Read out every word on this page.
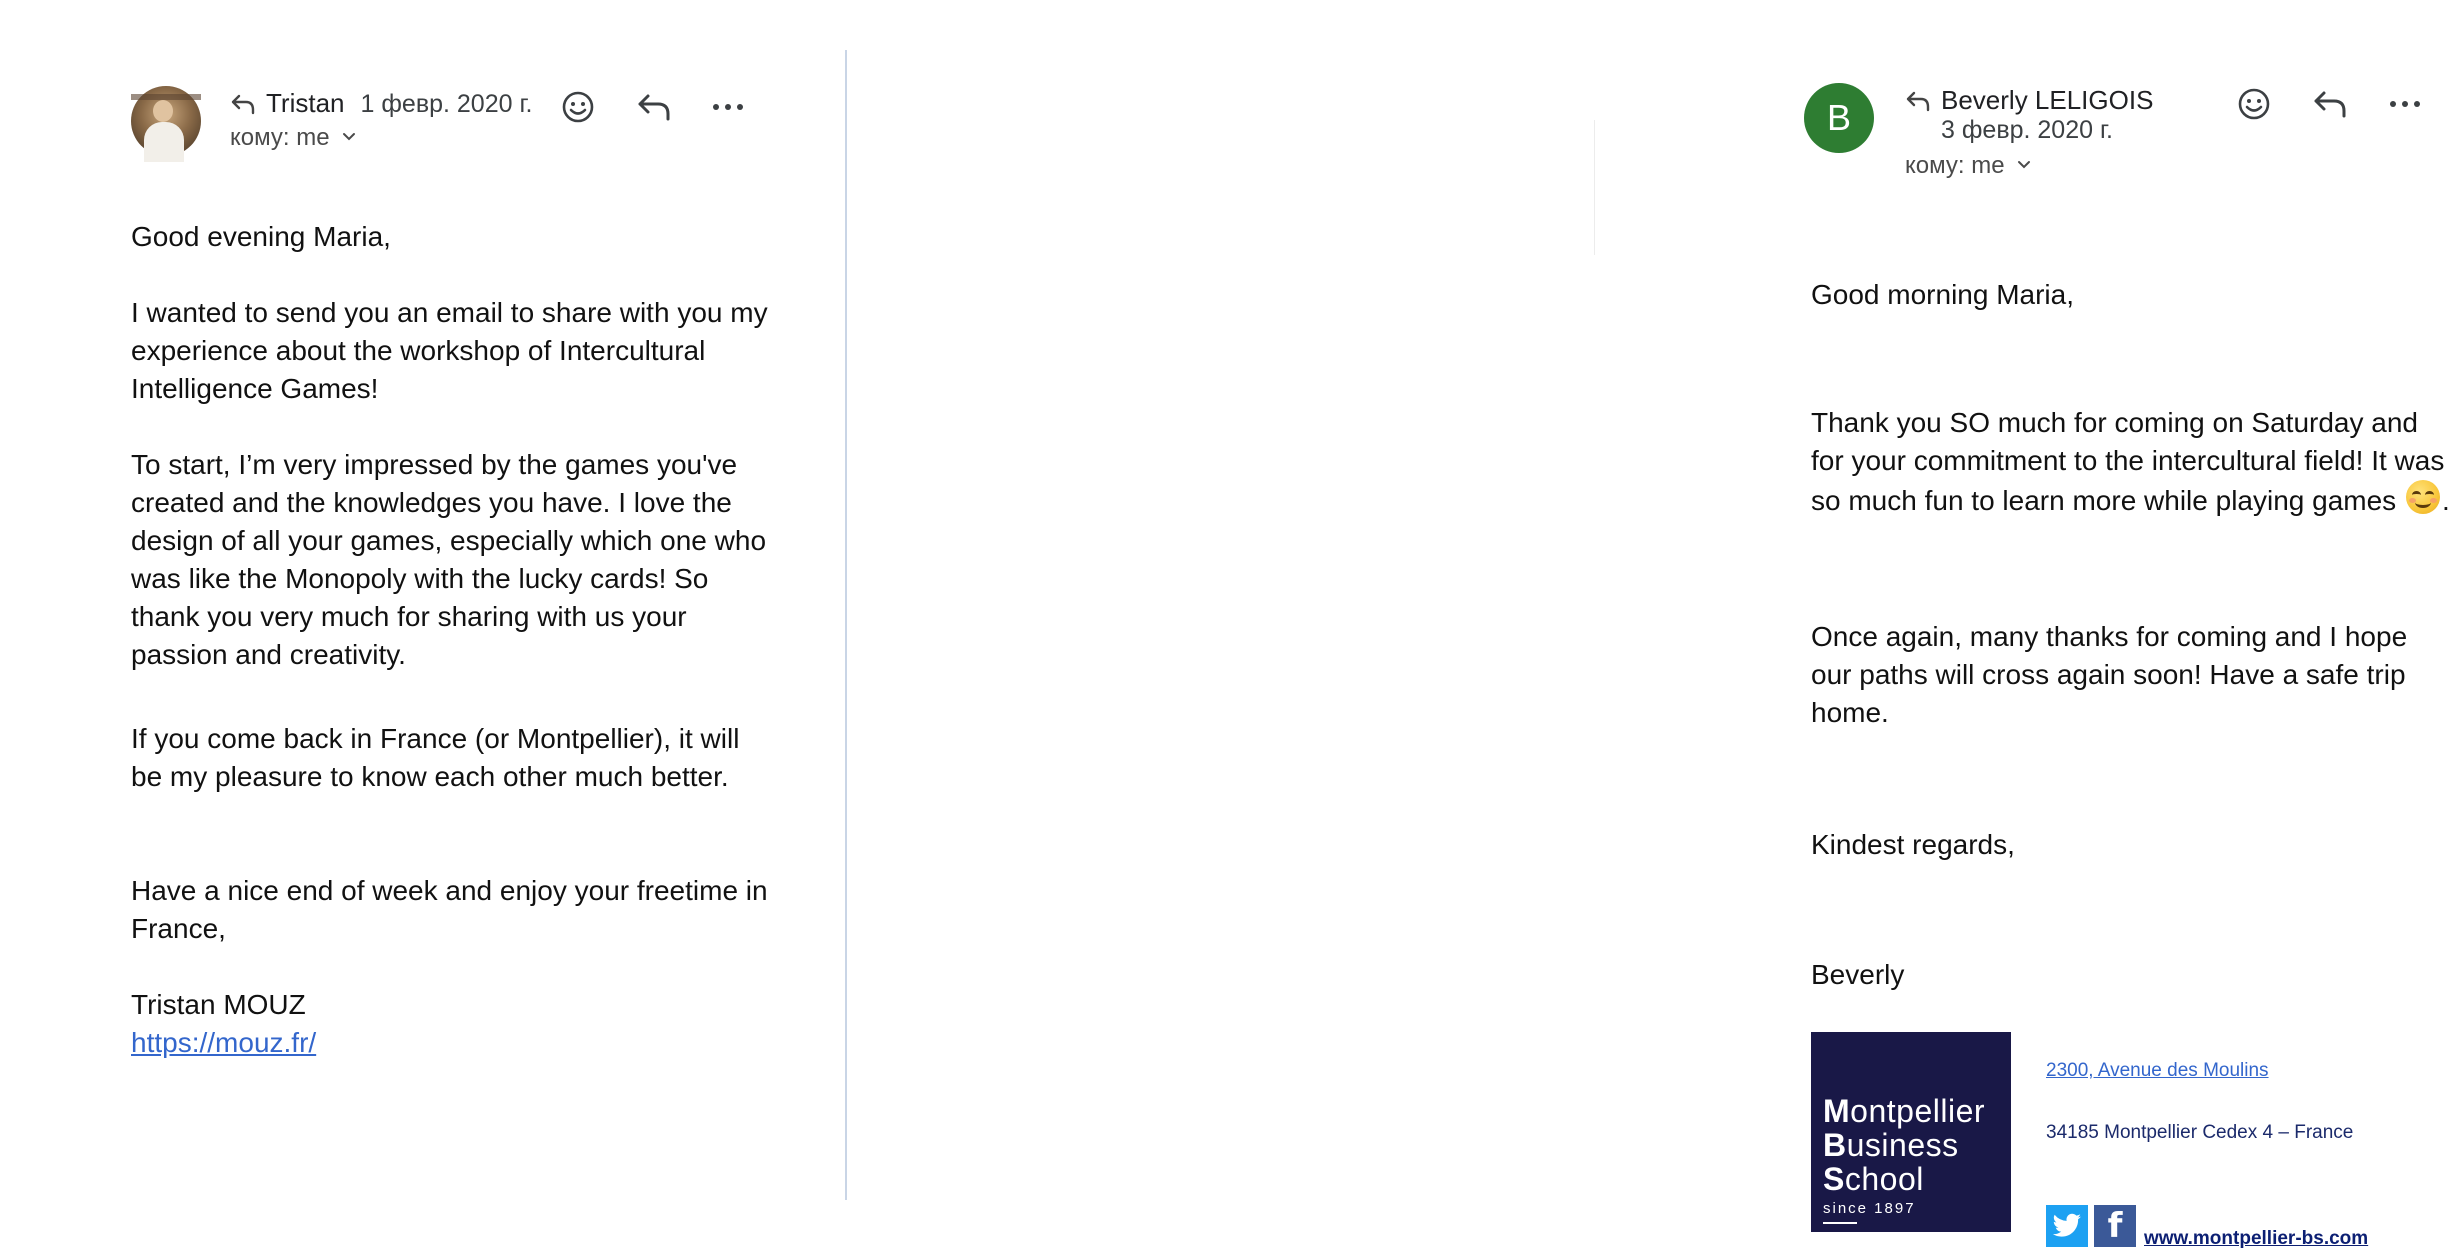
Tristan 1 февр. 2020 г.
кому: me

Good evening Maria,

I wanted to send you an email to share with you my experience about the workshop of Intercultural Intelligence Games!

To start, I’m very impressed by the games you've created and the knowledges you have. I love the design of all your games, especially which one who was like the Monopoly with the lucky cards! So thank you very much for sharing with us your passion and creativity.

If you come back in France (or Montpellier), it will be my pleasure to know each other much better.

Have a nice end of week and enjoy your freetime in France,

Tristan MOUZ

https://mouz.fr/

B	Beverly LELIGOIS
3 февр. 2020 г.
кому: me

Good morning Maria,

Thank you SO much for coming on Saturday and for your commitment to the intercultural field! It was so much fun to learn more while playing games
.

Once again, many thanks for coming and I hope our paths will cross again soon! Have a safe trip home.

Kindest regards,

Beverly

Montpellier
Business
School
since 1897
2300, Avenue des Moulins
34185 Montpellier Cedex 4 – France
f	www.montpellier-bs.com
